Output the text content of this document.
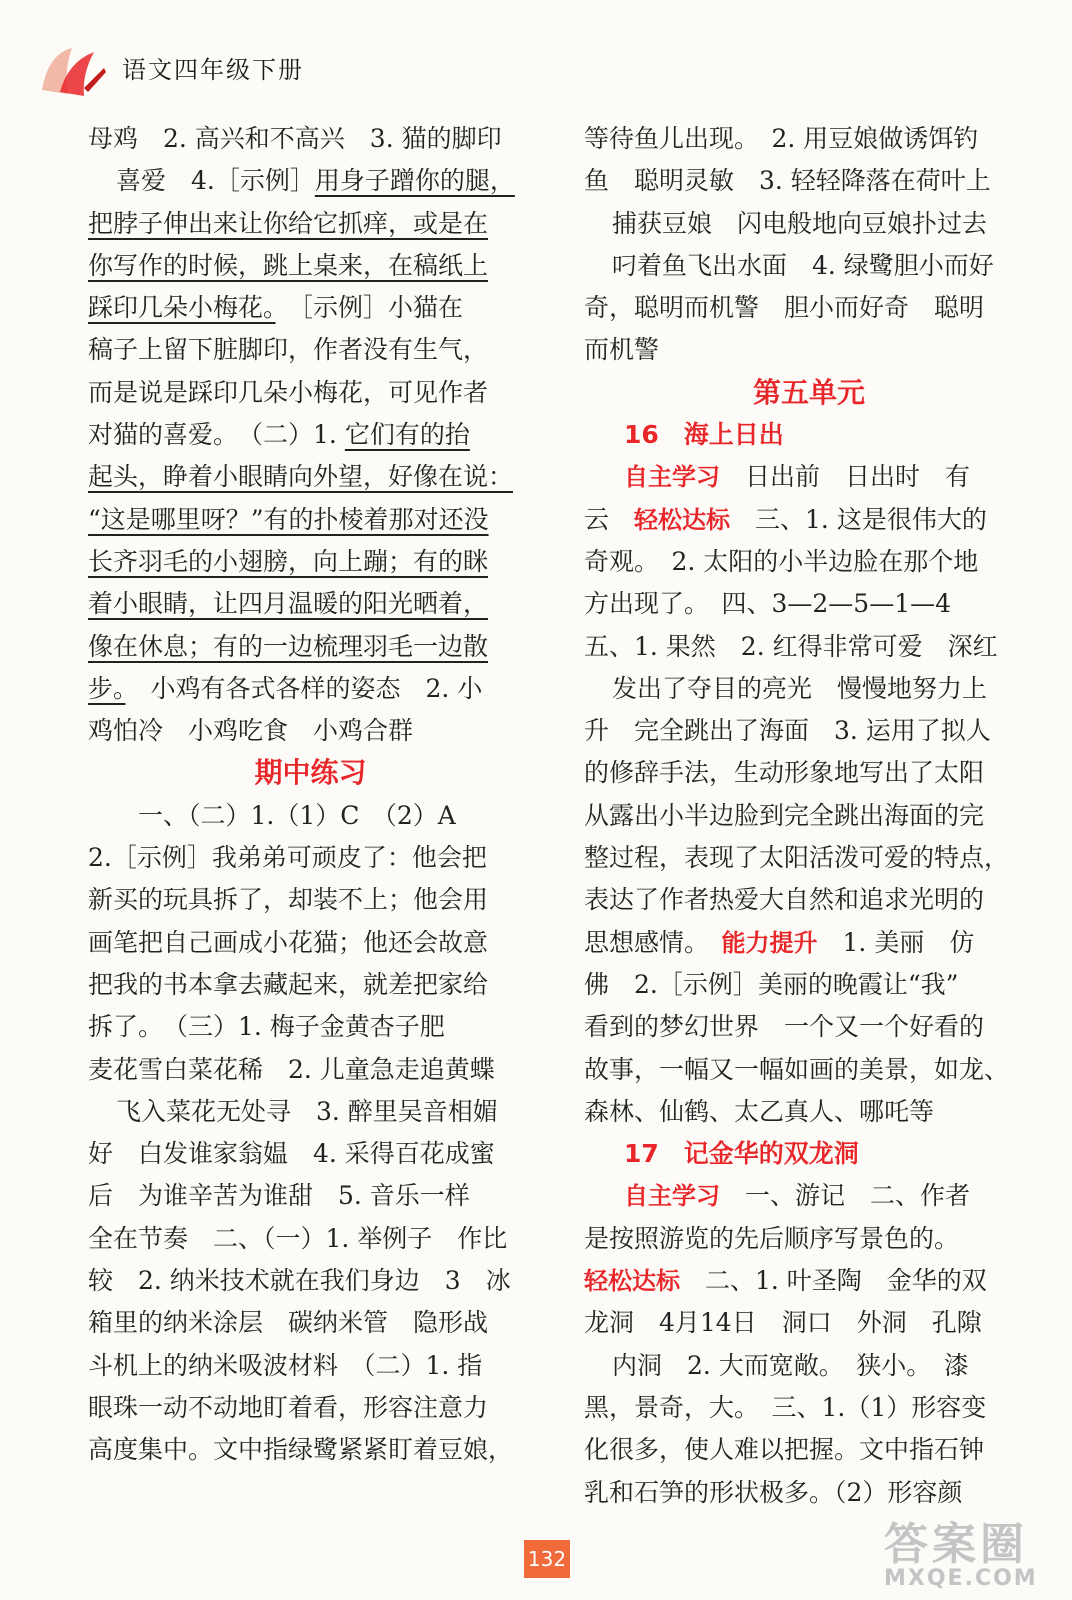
语文四年级下册

母鸡　2. 高兴和不高兴　3. 猫的脚印

喜爱　4.［示例］用身子蹭你的腿，

把脖子伸出来让你给它抓痒，或是在

你写作的时候，跳上桌来，在稿纸上

踩印几朵小梅花。　 ［示例］小猫在

稿子上留下脏脚印，作者没有生气，

而是说是踩印几朵小梅花，可见作者

对猫的喜爱。　（二）1. 它们有的抬

起头，睁着小眼睛向外望，好像在说：

“这是哪里呀？”有的扑棱着那对还没

长齐羽毛的小翅膀，向上蹦；有的眯

着小眼睛，让四月温暖的阳光晒着，

像在休息；有的一边梳理羽毛一边散

步。　小鸡有各式各样的姿态　2. 小

鸡怕冷　小鸡吃食　小鸡合群

期中练习

一、（二）1.（1）C　（2）A

2.［示例］我弟弟可顽皮了：他会把

新买的玩具拆了，却装不上；他会用

画笔把自己画成小花猫；他还会故意

把我的书本拿去藏起来，就差把家给

拆了。　（三）1. 梅子金黄杏子肥

麦花雪白菜花稀　2. 儿童急走追黄蝶

飞入菜花无处寻　3. 醉里吴音相媚

好　白发谁家翁媪　4. 采得百花成蜜

后　为谁辛苦为谁甜　5. 音乐一样

全在节奏　二、（一）1. 举例子　作比

较　2. 纳米技术就在我们身边　3　冰

箱里的纳米涂层　碳纳米管　隐形战

斗机上的纳米吸波材料　（二）1. 指

眼珠一动不动地盯着看，形容注意力

高度集中。文中指绿鹭紧紧盯着豆娘，

等待鱼儿出现。　2. 用豆娘做诱饵钓

鱼　聪明灵敏　3. 轻轻降落在荷叶上

捕获豆娘　闪电般地向豆娘扑过去

叼着鱼飞出水面　4. 绿鹭胆小而好

奇，聪明而机警　胆小而好奇　聪明

而机警

第五单元

16　海上日出

自主学习　日出前　日出时　有

云　轻松达标　三、1. 这是很伟大的

奇观。　2. 太阳的小半边脸在那个地

方出现了。　四、3—2—5—1—4

五、1. 果然　2. 红得非常可爱　深红

发出了夺目的亮光　慢慢地努力上

升　完全跳出了海面　3. 运用了拟人

的修辞手法，生动形象地写出了太阳

从露出小半边脸到完全跳出海面的完

整过程，表现了太阳活泼可爱的特点，

表达了作者热爱大自然和追求光明的

思想感情。　能力提升　1. 美丽　仿

佛　2.［示例］美丽的晚霞让“我”

看到的梦幻世界　一个又一个好看的

故事，一幅又一幅如画的美景，如龙、

森林、仙鹤、太乙真人、哪吒等

17　记金华的双龙洞

自主学习　一、游记　二、作者

是按照游览的先后顺序写景色的。

轻松达标　二、1. 叶圣陶　金华的双

龙洞　4月14日　洞口　外洞　孔隙

内洞　2. 大而宽敞。　狭小。　漆

黑，景奇，大。　三、1.（1）形容变

化很多，使人难以把握。文中指石钟

乳和石笋的形状极多。（2）形容颜

132	答案圈
MXQE.COM
